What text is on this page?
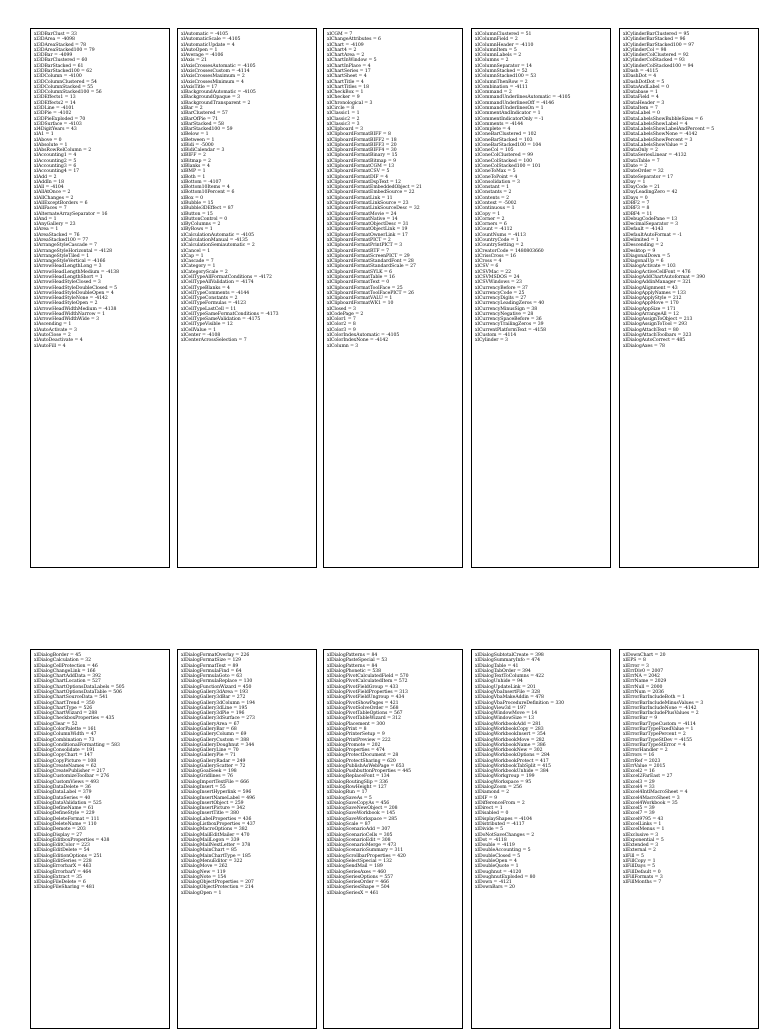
xl3DBarClust = 33
xl3DArea = -4098
xl3DAreaStacked = 78
xl3DAreaStacked100 = 79
xl3DBar = -4099
xl3DBarClustered = 60
xl3DBarStacked = 61
xl3DBarStacked100 = 62
xl3DColumn = -4100
xl3DColumnClustered = 54
xl3DColumnStacked = 55
xl3DColumnStacked100 = 56
xl3DEffects1 = 13
xl3DEffects2 = 14
xl3DLine = -4101
xl3DPie = -4102
xl3DPieExploded = 70
xl3DSurface = -4103
xl4DigitYears = 43
xlA1 = 1
xlAbove = 0
xlAbsolute = 1
xlAbsRowRelColumn = 2
xlAccounting1 = 4
xlAccounting2 = 5
xlAccounting3 = 6
xlAccounting4 = 17
xlAdd = 2
xlAddIn = 18
xlAll = -4104
xlAllAtOnce = 2
xlAllChanges = 2
xlAllExceptBorders = 6
xlAllFaces = 7
xlAlternateArraySeparator = 16
xlAnd = 1
xlAnyGallery = 23
xlArea = 1
xlAreaStacked = 76
xlAreaStacked100 = 77
xlArrangeStyleCascade = 7
xlArrangeStyleHorizontal = -4128
xlArrangeStyleTiled = 1
xlArrangeStyleVertical = -4166
xlArrowHeadLengthLong = 3
xlArrowHeadLengthMedium = -4138
xlArrowHeadLengthShort = 1
xlArrowHeadStyleClosed = 3
xlArrowHeadStyleDoubleClosed = 5
xlArrowHeadStyleDoubleOpen = 4
xlArrowHeadStyleNone = -4142
xlArrowHeadStyleOpen = 2
xlArrowHeadWidthMedium = -4138
xlArrowHeadWidthNarrow = 1
xlArrowHeadWidthWide = 3
xlAscending = 1
xlAutoActivate = 3
xlAutoClose = 2
xlAutoDeactivate = 4
xlAutoFill = 4
xlAutomatic = -4105
xlAutomaticScale = -4105
xlAutomaticUpdate = 4
xlAutoOpen = 1
xlAverage = -4106
xlAxis = 21
xlAxisCrossesAutomatic = -4105
xlAxisCrossesCustom = -4114
xlAxisCrossesMaximum = 2
xlAxisCrossesMinimum = 4
xlAxisTitle = 17
xlBackgroundAutomatic = -4105
xlBackgroundOpaque = 3
xlBackgroundTransparent = 2
xlBar = 2
xlBarClustered = 57
xlBarOfPie = 71
xlBarStacked = 58
xlBarStacked100 = 59
xlBelow = 1
xlBetween = 1
xlBidi = -5000
xlBidiCalendar = 3
xlBIFF = 2
xlBitmap = 2
xlBlanks = 4
xlBMP = 1
xlBoth = 1
xlBottom = -4107
xlBottom10Items = 4
xlBottom10Percent = 6
xlBox = 0
xlBubble = 15
xlBubble3DEffect = 87
xlButton = 15
xlButtonControl = 0
xlByColumns = 2
xlByRows = 1
xlCalculationAutomatic = -4105
xlCalculationManual = -4135
xlCalculationSemiautomatic = 2
xlCancel = 1
xlCap = 1
xlCascade = 7
xlCategory = 1
xlCategoryScale = 2
xlCellTypeAllFormatConditions = -4172
xlCellTypeAllValidation = -4174
xlCellTypeBlanks = 4
xlCellTypeComments = -4144
xlCellTypeConstants = 2
xlCellTypeFormulas = -4123
xlCellTypeLastCell = 11
xlCellTypeSameFormatConditions = -4173
xlCellTypeSameValidation = -4175
xlCellTypeVisible = 12
xlCellValue = 1
xlCenter = -4108
xlCenterAcrossSelection = 7
xlCGM = 7
xlChangeAttributes = 6
xlChart = -4109
xlChart4 = 2
xlChartArea = 2
xlChartInWindow = 5
xlChartInPlace = 4
xlChartSeries = 17
xlChartSheet = 4
xlChartTitle = 4
xlChartTitles = 18
xlCheckBox = 1
xlChecker = 9
xlChronological = 3
xlCircle = 8
xlClassic1 = 1
xlClassic2 = 2
xlClassic3 = 3
xlClipboard = 3
xlClipboardFormatBIFF = 8
xlClipboardFormatBIFF2 = 18
xlClipboardFormatBIFF3 = 20
xlClipboardFormatBIFF4 = 30
xlClipboardFormatBinary = 15
xlClipboardFormatBitmap = 9
xlClipboardFormatCGM = 13
xlClipboardFormatCSV = 5
xlClipboardFormatDIF = 4
xlClipboardFormatDspText = 12
xlClipboardFormatEmbeddedObject = 21
xlClipboardFormatEmbedSource = 22
xlClipboardFormatLink = 11
xlClipboardFormatLinkSource = 23
xlClipboardFormatLinkSourceDesc = 32
xlClipboardFormatMovie = 24
xlClipboardFormatNative = 14
xlClipboardFormatObjectDesc = 31
xlClipboardFormatObjectLink = 19
xlClipboardFormatOwnerLink = 17
xlClipboardFormatPICT = 2
xlClipboardFormatPrintPICT = 3
xlClipboardFormatRTF = 7
xlClipboardFormatScreenPICT = 29
xlClipboardFormatStandardFont = 28
xlClipboardFormatStandardScale = 27
xlClipboardFormatSYLK = 6
xlClipboardFormatTable = 16
xlClipboardFormatText = 0
xlClipboardFormatToolFace = 25
xlClipboardFormatToolFacePICT = 26
xlClipboardFormatVALU = 1
xlClipboardFormatWK1 = 10
xlClosed = 3
xlCodePage = 2
xlColor1 = 7
xlColor2 = 8
xlColor3 = 9
xlColorIndexAutomatic = -4105
xlColorIndexNone = -4142
xlColumn = 3
xlColumnClustered = 51
xlColumnField = 2
xlColumnHeader = -4110
xlColumnItem = 5
xlColumnLabels = 2
xlColumns = 2
xlColumnSeparator = 14
xlColumnStacked = 52
xlColumnStacked100 = 53
xlColumnThenRow = 2
xlCombination = -4111
xlCommand = 2
xlCommandUnderlinesAutomatic = -4105
xlCommandUnderlinesOff = -4146
xlCommandUnderlinesOn = 1
xlCommentAndIndicator = 1
xlCommentIndicatorOnly = -1
xlComments = -4144
xlComplete = 4
xlConeBarClustered = 102
xlConeBarStacked = 103
xlConeBarStacked100 = 104
xlConeCol = 105
xlConeColClustered = 99
xlConeColStacked = 100
xlConeColStacked100 = 101
xlConeToMax = 5
xlConeToPoint = 4
xlConsolidation = 3
xlConstant = 1
xlConstants = 2
xlContents = 2
xlContext = -5002
xlContinuous = 1
xlCopy = 1
xlCorner = 2
xlCorners = 6
xlCount = -4112
xlCountNums = -4113
xlCountryCode = 1
xlCountrySetting = 2
xlCreatorCode = 1480803660
xlCrissCross = 16
xlCross = 4
xlCSV = 6
xlCSVMac = 22
xlCSVMSDOS = 24
xlCSVWindows = 23
xlCurrencyBefore = 37
xlCurrencyCode = 25
xlCurrencyDigits = 27
xlCurrencyLeadingZeros = 40
xlCurrencyMinusSign = 38
xlCurrencyNegative = 28
xlCurrencySpaceBefore = 36
xlCurrencyTrailingZeros = 39
xlCurrentPlatformText = -4158
xlCustom = -4114
xlCylinder = 3
xlCylinderBarClustered = 95
xlCylinderBarStacked = 96
xlCylinderBarStacked100 = 97
xlCylinderCol = 98
xlCylinderColClustered = 92
xlCylinderColStacked = 93
xlCylinderColStacked100 = 94
xlDash = -4115
xlDashDot = 4
xlDashDotDot = 5
xlDataAndLabel = 0
xlDatabase = 1
xlDataField = 4
xlDataHeader = 3
xlDataItem = 7
xlDataLabel = 0
xlDataLabelsShowBubbleSizes = 6
xlDataLabelsShowLabel = 4
xlDataLabelsShowLabelAndPercent = 5
xlDataLabelsShowNone = -4142
xlDataLabelsShowPercent = 3
xlDataLabelsShowValue = 2
xlDataOnly = 2
xlDataSeriesLinear = -4132
xlDataTable = 7
xlDate = 2
xlDateOrder = 32
xlDateSeparator = 17
xlDay = 1
xlDayCode = 21
xlDayLeadingZero = 42
xlDays = 0
xlDBF2 = 7
xlDBF3 = 8
xlDBF4 = 11
xlDebugCodePane = 13
xlDecimalSeparator = 3
xlDefault = -4143
xlDefaultAutoFormat = -1
xlDelimited = 1
xlDescending = 2
xlDesktop = 9
xlDiagonalDown = 5
xlDiagonalUp = 6
xlDialogActivate = 103
xlDialogActiveCellFont = 476
xlDialogAddChartAutoformat = 390
xlDialogAddinManager = 321
xlDialogAlignment = 43
xlDialogApplyNames = 133
xlDialogApplyStyle = 212
xlDialogAppMove = 170
xlDialogAppSize = 171
xlDialogArrangeAll = 12
xlDialogAssignToObject = 213
xlDialogAssignToTool = 293
xlDialogAttachText = 80
xlDialogAttachToolbars = 323
xlDialogAutoCorrect = 485
xlDialogAxes = 78
xlDialogBorder = 45
xlDialogCalculation = 32
xlDialogCellProtection = 46
xlDialogChangeLink = 166
xlDialogChartAddData = 392
xlDialogChartLocation = 527
xlDialogChartOptionsDataLabels = 505
xlDialogChartOptionsDataTable = 506
xlDialogChartSourceData = 541
xlDialogChartTrend = 350
xlDialogChartType = 526
xlDialogChartWizard = 288
xlDialogCheckboxProperties = 435
xlDialogClear = 52
xlDialogColorPalette = 161
xlDialogColumnWidth = 47
xlDialogCombination = 73
xlDialogConditionalFormatting = 583
xlDialogConsolidate = 191
xlDialogCopyChart = 147
xlDialogCopyPicture = 108
xlDialogCreateNames = 62
xlDialogCreatePublisher = 217
xlDialogCustomizeToolbar = 276
xlDialogCustomViews = 493
xlDialogDataDelete = 36
xlDialogDataLabel = 379
xlDialogDataSeries = 40
xlDialogDataValidation = 525
xlDialogDefineName = 61
xlDialogDefineStyle = 229
xlDialogDeleteFormat = 111
xlDialogDeleteName = 110
xlDialogDemote = 203
xlDialogDisplay = 27
xlDialogEditboxProperties = 438
xlDialogEditColor = 223
xlDialogEditDelete = 54
xlDialogEditionOptions = 251
xlDialogEditSeries = 228
xlDialogErrorbarX = 463
xlDialogErrorbarY = 464
xlDialogExtract = 35
xlDialogFileDelete = 6
xlDialogFileSharing = 481
xlDialogFormatOverlay = 226
xlDialogFormatSize = 129
xlDialogFormatText = 89
xlDialogFormulaFind = 64
xlDialogFormulaGoto = 63
xlDialogFormulaReplace = 130
xlDialogFunctionWizard = 450
xlDialogGallery3dArea = 193
xlDialogGallery3dBar = 272
xlDialogGallery3dColumn = 194
xlDialogGallery3dLine = 195
xlDialogGallery3dPie = 196
xlDialogGallery3dSurface = 273
xlDialogGalleryArea = 67
xlDialogGalleryBar = 68
xlDialogGalleryColumn = 69
xlDialogGalleryCustom = 388
xlDialogGalleryDoughnut = 344
xlDialogGalleryLine = 70
xlDialogGalleryPie = 71
xlDialogGalleryRadar = 249
xlDialogGalleryScatter = 72
xlDialogGoalSeek = 198
xlDialogGridlines = 76
xlDialogImportTextFile = 666
xlDialogInsert = 55
xlDialogInsertHyperlink = 596
xlDialogInsertNameLabel = 496
xlDialogInsertObject = 259
xlDialogInsertPicture = 342
xlDialogInsertTitle = 380
xlDialogLabelProperties = 436
xlDialogListboxProperties = 437
xlDialogMacroOptions = 382
xlDialogMailEditMailer = 470
xlDialogMailLogon = 339
xlDialogMailNextLetter = 378
xlDialogMainChart = 85
xlDialogMainChartType = 185
xlDialogMenuEditor = 322
xlDialogMove = 262
xlDialogNew = 119
xlDialogNote = 154
xlDialogObjectProperties = 207
xlDialogObjectProtection = 214
xlDialogOpen = 1
xlDialogPatterns = 84
xlDialogPasteSpecial = 53
xlDialogPatterns = 84
xlDialogPhonetic = 538
xlDialogPivotCalculatedField = 570
xlDialogPivotCalculatedItem = 572
xlDialogPivotFieldGroup = 433
xlDialogPivotFieldProperties = 313
xlDialogPivotFieldUngroup = 434
xlDialogPivotShowPages = 421
xlDialogPivotSolveOrder = 568
xlDialogPivotTableOptions = 567
xlDialogPivotTableWizard = 312
xlDialogPlacement = 300
xlDialogPrint = 8
xlDialogPrinterSetup = 9
xlDialogPrintPreview = 222
xlDialogPromote = 202
xlDialogProperties = 474
xlDialogProtectDocument = 28
xlDialogProtectSharing = 620
xlDialogPublishAsWebPage = 653
xlDialogPushbuttonProperties = 445
xlDialogReplaceFont = 134
xlDialogRoutingSlip = 336
xlDialogRowHeight = 127
xlDialogRun = 17
xlDialogSaveAs = 5
xlDialogSaveCopyAs = 456
xlDialogSaveNewObject = 208
xlDialogSaveWorkbook = 145
xlDialogSaveWorkspace = 285
xlDialogScale = 87
xlDialogScenarioAdd = 307
xlDialogScenarioCells = 305
xlDialogScenarioEdit = 308
xlDialogScenarioMerge = 473
xlDialogScenarioSummary = 311
xlDialogScrollbarProperties = 420
xlDialogSelectSpecial = 132
xlDialogSendMail = 189
xlDialogSeriesAxes = 460
xlDialogSeriesOptions = 557
xlDialogSeriesOrder = 466
xlDialogSeriesShape = 504
xlDialogSeriesX = 461
xlDialogSubtotalCreate = 398
xlDialogSummaryInfo = 474
xlDialogTable = 41
xlDialogTabOrder = 394
xlDialogTextToColumns = 422
xlDialogUnhide = 94
xlDialogUpdateLink = 201
xlDialogVbaInsertFile = 328
xlDialogVbaMakeAddin = 478
xlDialogVbaProcedureDefinition = 330
xlDialogView3d = 197
xlDialogWindowMove = 14
xlDialogWindowSize = 13
xlDialogWorkbookAdd = 281
xlDialogWorkbookCopy = 283
xlDialogWorkbookInsert = 354
xlDialogWorkbookMove = 282
xlDialogWorkbookName = 386
xlDialogWorkbookNew = 302
xlDialogWorkbookOptions = 284
xlDialogWorkbookProtect = 417
xlDialogWorkbookTabSplit = 415
xlDialogWorkbookUnhide = 384
xlDialogWorkgroup = 199
xlDialogWorkspace = 95
xlDialogZoom = 256
xlDiamond = 2
xlDIF = 9
xlDifferenceFrom = 2
xlDirect = 1
xlDisabled = 0
xlDisplayShapes = -4104
xlDistributed = -4117
xlDivide = 5
xlDoNotSaveChanges = 2
xlDot = -4118
xlDouble = -4119
xlDoubleAccounting = 5
xlDoubleClosed = 5
xlDoubleOpen = 4
xlDoubleQuote = 1
xlDoughnut = -4120
xlDoughnutExploded = 80
xlDown = -4121
xlDownBars = 20
xlDownChart = 20
xlEPS = 8
xlError = 3
xlErrDiv0 = 2007
xlErrNA = 2042
xlErrName = 2029
xlErrNull = 2000
xlErrNum = 2036
xlErrorBarIncludeBoth = 1
xlErrorBarIncludeMinusValues = 3
xlErrorBarIncludeNone = -4142
xlErrorBarIncludePlusValues = 2
xlErrorBar = 9
xlErrorBarTypeCustom = -4114
xlErrorBarTypeFixedValue = 1
xlErrorBarTypePercent = 2
xlErrorBarTypeStDev = -4155
xlErrorBarTypeStError = 4
xlErrorHandler = 2
xlErrors = 16
xlErrRef = 2023
xlErrValue = 2015
xlExcel2 = 16
xlExcel2FarEast = 27
xlExcel3 = 29
xlExcel4 = 33
xlExcel4IntlMacroSheet = 4
xlExcel4MacroSheet = 3
xlExcel4Workbook = 35
xlExcel5 = 39
xlExcel7 = 39
xlExcel9795 = 43
xlExcelLinks = 1
xlExcelMenus = 1
xlExclusive = 3
xlExponential = 5
xlExtended = 3
xlExternal = 2
xlFill = 5
xlFillCopy = 1
xlFillDays = 5
xlFillDefault = 0
xlFillFormats = 3
xlFillMonths = 7
